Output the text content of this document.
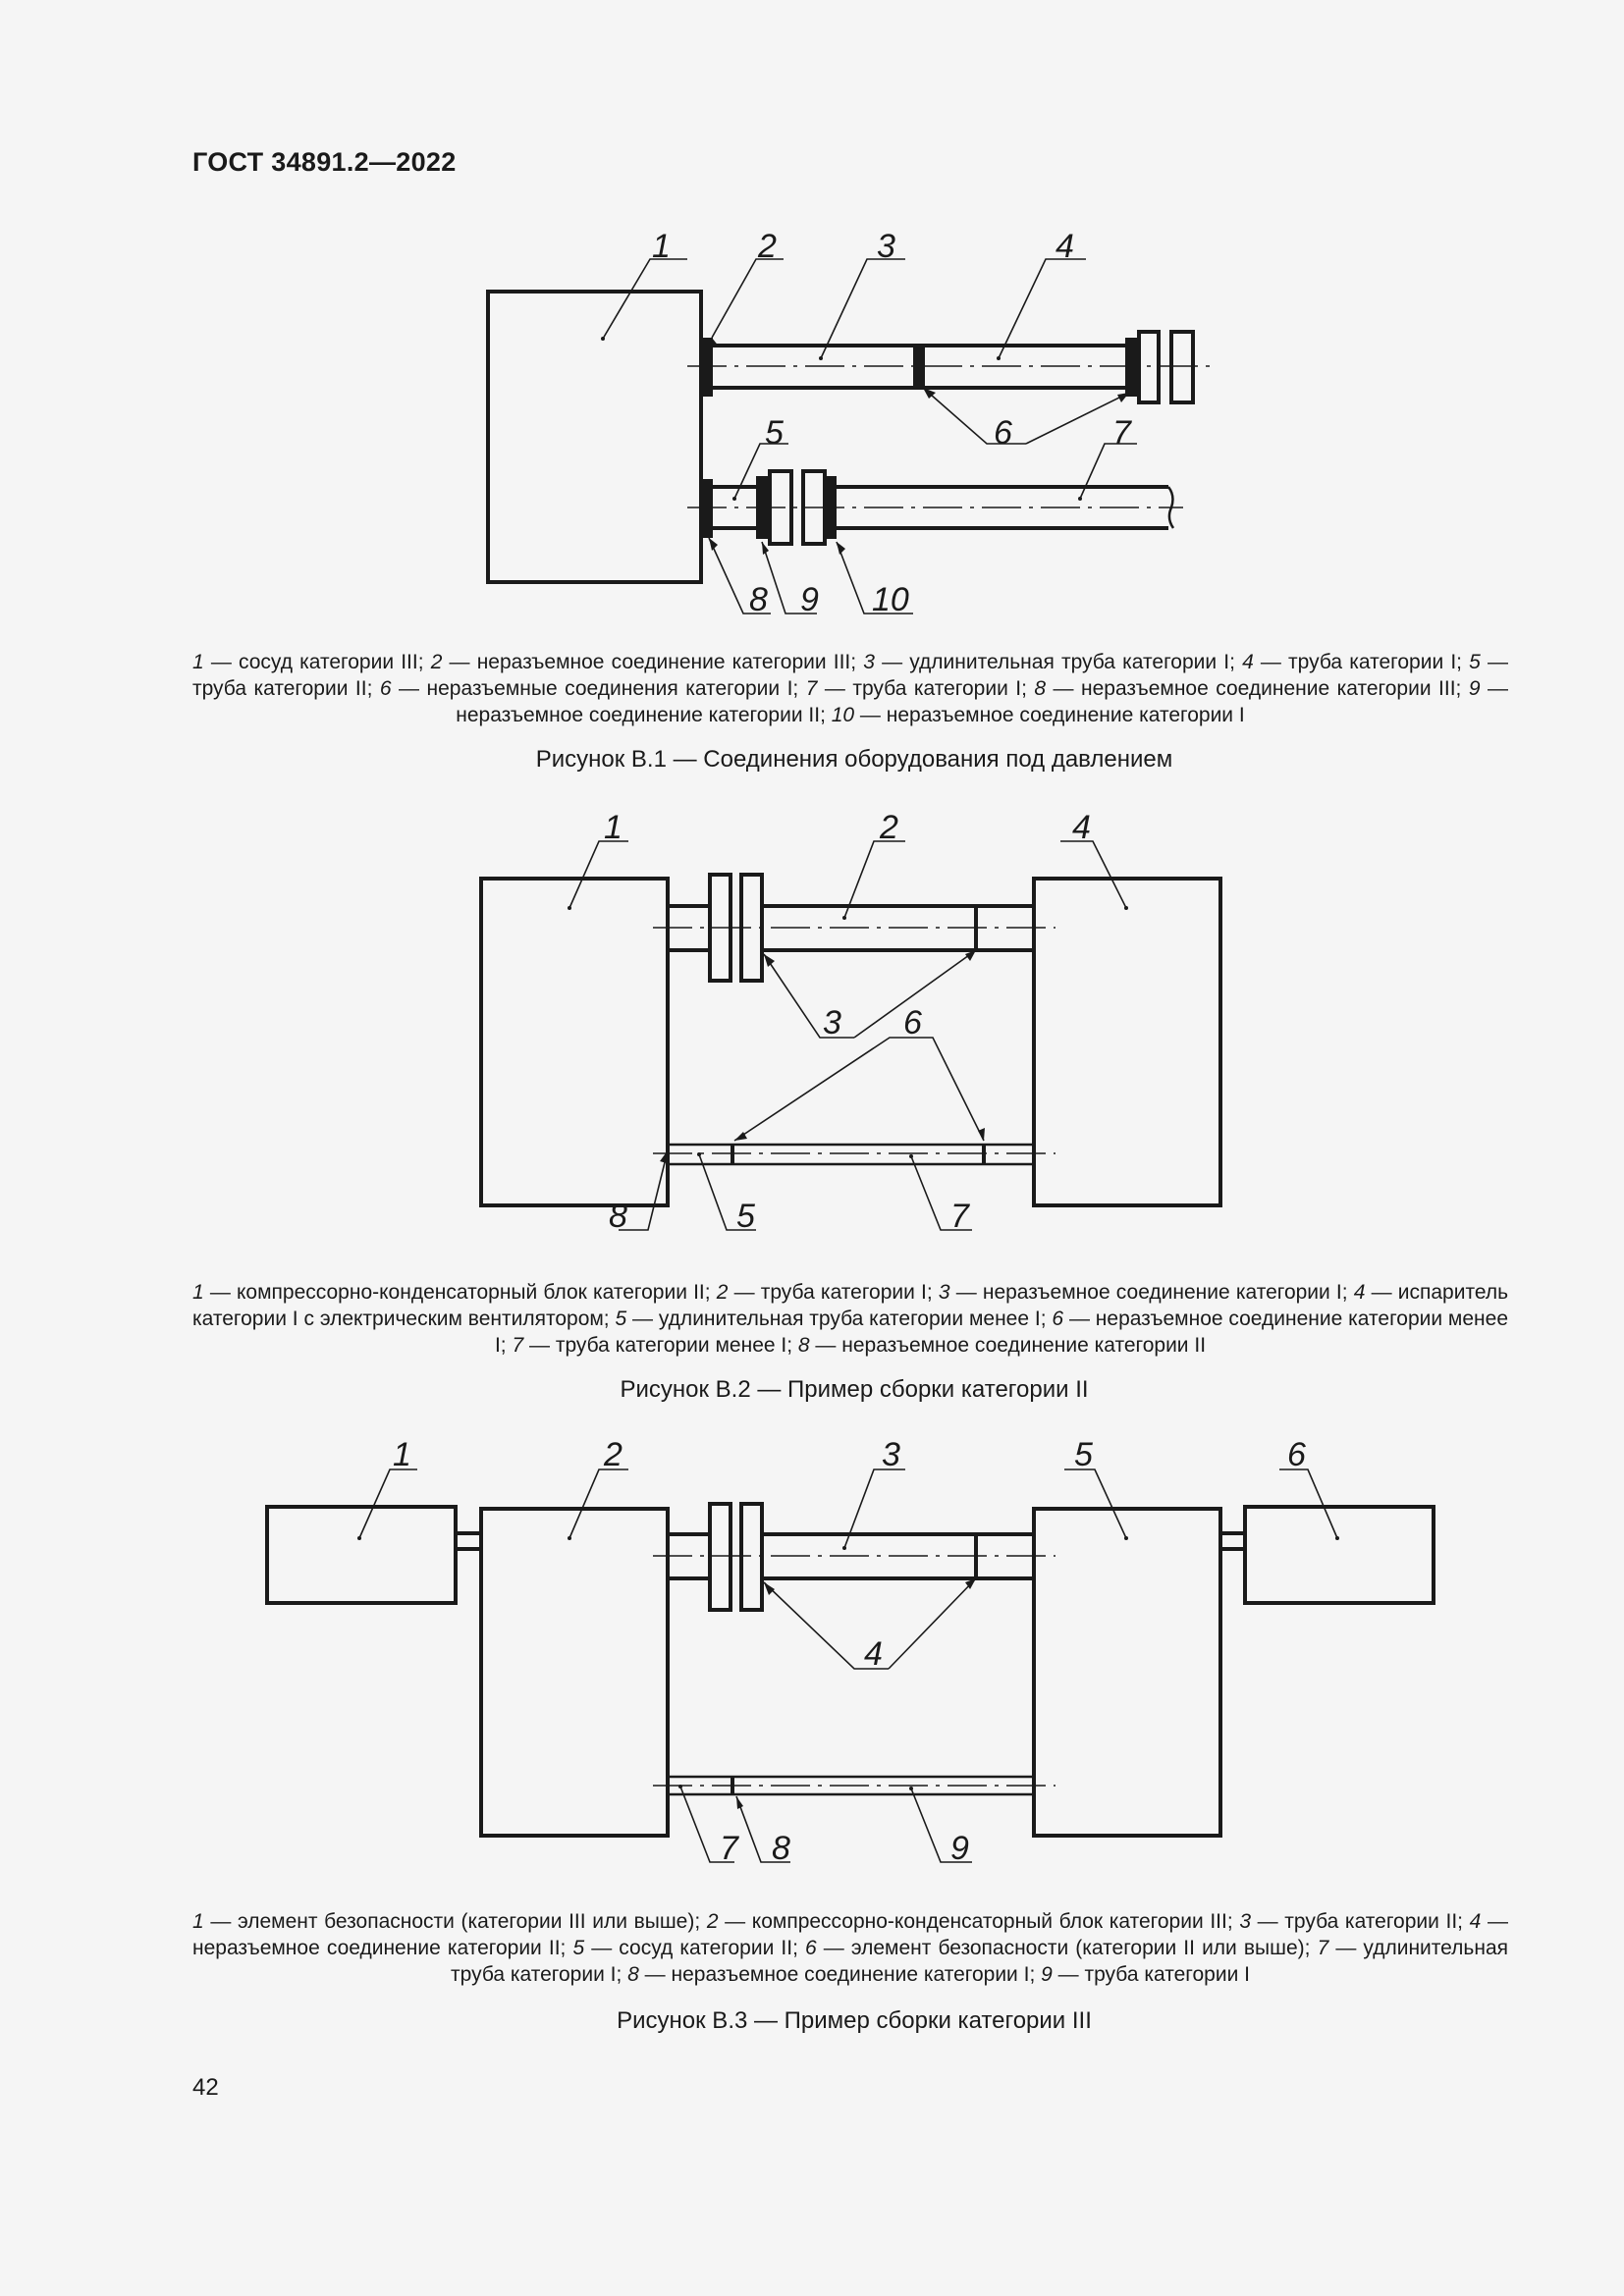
ГОСТ 34891.2—2022
1	2	3	4
5	6	7
8 9 10
1 — сосуд категории III; 2 — неразъемное соединение категории III; 3 — удлинительная труба категории I; 4 — труба категории I; 5 — труба категории II; 6 — неразъемные соединения категории I; 7 — труба категории I; 8 — неразъемное соединение категории III; 9 — неразъемное соединение категории II; 10 — неразъемное соединение категории I
Рисунок B.1 — Соединения оборудования под давлением
1	2
3
4
5
6
7
8
1 — компрессорно-конденсаторный блок категории II; 2 — труба категории I; 3 — неразъемное соединение категории I; 4 — испаритель категории I с электрическим вентилятором; 5 — удлинительная труба категории менее I; 6 — неразъемное соединение категории менее I; 7 — труба категории менее I; 8 — неразъемное соединение категории II
Рисунок B.2 — Пример сборки категории II
1	2	3
4
5	6
7 8	9
1 — элемент безопасности (категории III или выше); 2 — компрессорно-конденсаторный блок категории III; 3 — труба категории II; 4 — неразъемное соединение категории II; 5 — сосуд категории II; 6 — элемент безопасности (категории II или выше); 7 — удлинительная труба категории I; 8 — неразъемное соединение категории I; 9 — труба категории I
Рисунок B.3 — Пример сборки категории III
42
